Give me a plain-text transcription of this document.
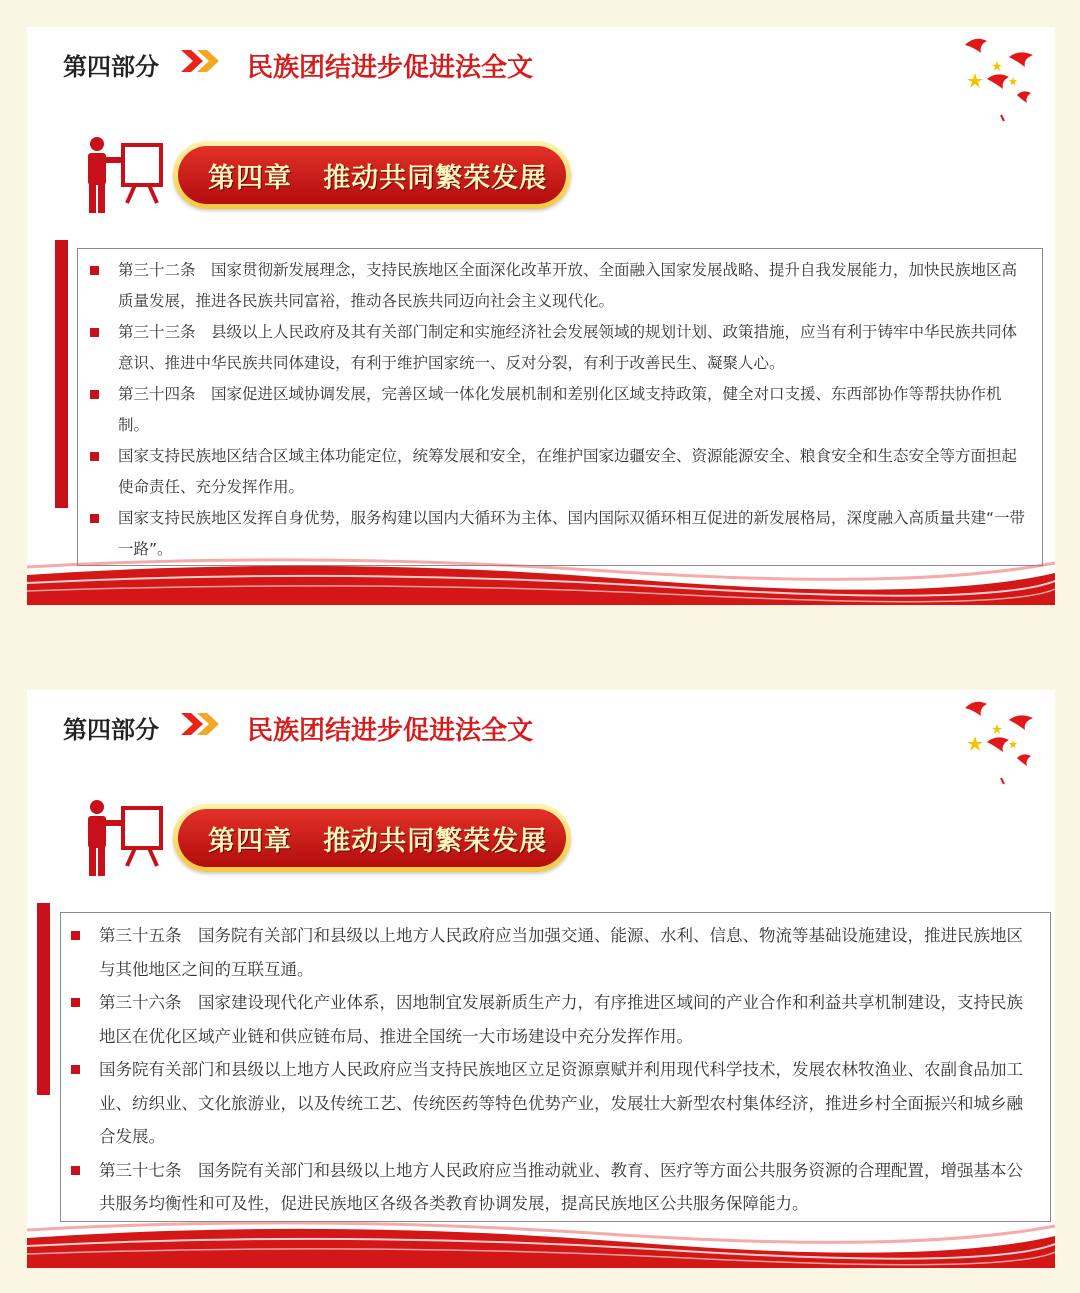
第四部分	民族团结进步促进法全文
第四章   推动共同繁荣发展
第三十二条　国家贯彻新发展理念，支持民族地区全面深化改革开放、全面融入国家发展战略、提升自我发展能力，加快民族地区高质量发展，推进各民族共同富裕，推动各民族共同迈向社会主义现代化。
第三十三条　县级以上人民政府及其有关部门制定和实施经济社会发展领域的规划计划、政策措施，应当有利于铸牢中华民族共同体意识、推进中华民族共同体建设，有利于维护国家统一、反对分裂，有利于改善民生、凝聚人心。
第三十四条　国家促进区域协调发展，完善区域一体化发展机制和差别化区域支持政策，健全对口支援、东西部协作等帮扶协作机制。
国家支持民族地区结合区域主体功能定位，统筹发展和安全，在维护国家边疆安全、资源能源安全、粮食安全和生态安全等方面担起使命责任、充分发挥作用。
国家支持民族地区发挥自身优势，服务构建以国内大循环为主体、国内国际双循环相互促进的新发展格局，深度融入高质量共建“一带一路”。
第四部分	民族团结进步促进法全文
第四章   推动共同繁荣发展
第三十五条　国务院有关部门和县级以上地方人民政府应当加强交通、能源、水利、信息、物流等基础设施建设，推进民族地区与其他地区之间的互联互通。
第三十六条　国家建设现代化产业体系，因地制宜发展新质生产力，有序推进区域间的产业合作和利益共享机制建设，支持民族地区在优化区域产业链和供应链布局、推进全国统一大市场建设中充分发挥作用。
国务院有关部门和县级以上地方人民政府应当支持民族地区立足资源禀赋并利用现代科学技术，发展农林牧渔业、农副食品加工业、纺织业、文化旅游业，以及传统工艺、传统医药等特色优势产业，发展壮大新型农村集体经济，推进乡村全面振兴和城乡融合发展。
第三十七条　国务院有关部门和县级以上地方人民政府应当推动就业、教育、医疗等方面公共服务资源的合理配置，增强基本公共服务均衡性和可及性，促进民族地区各级各类教育协调发展，提高民族地区公共服务保障能力。
